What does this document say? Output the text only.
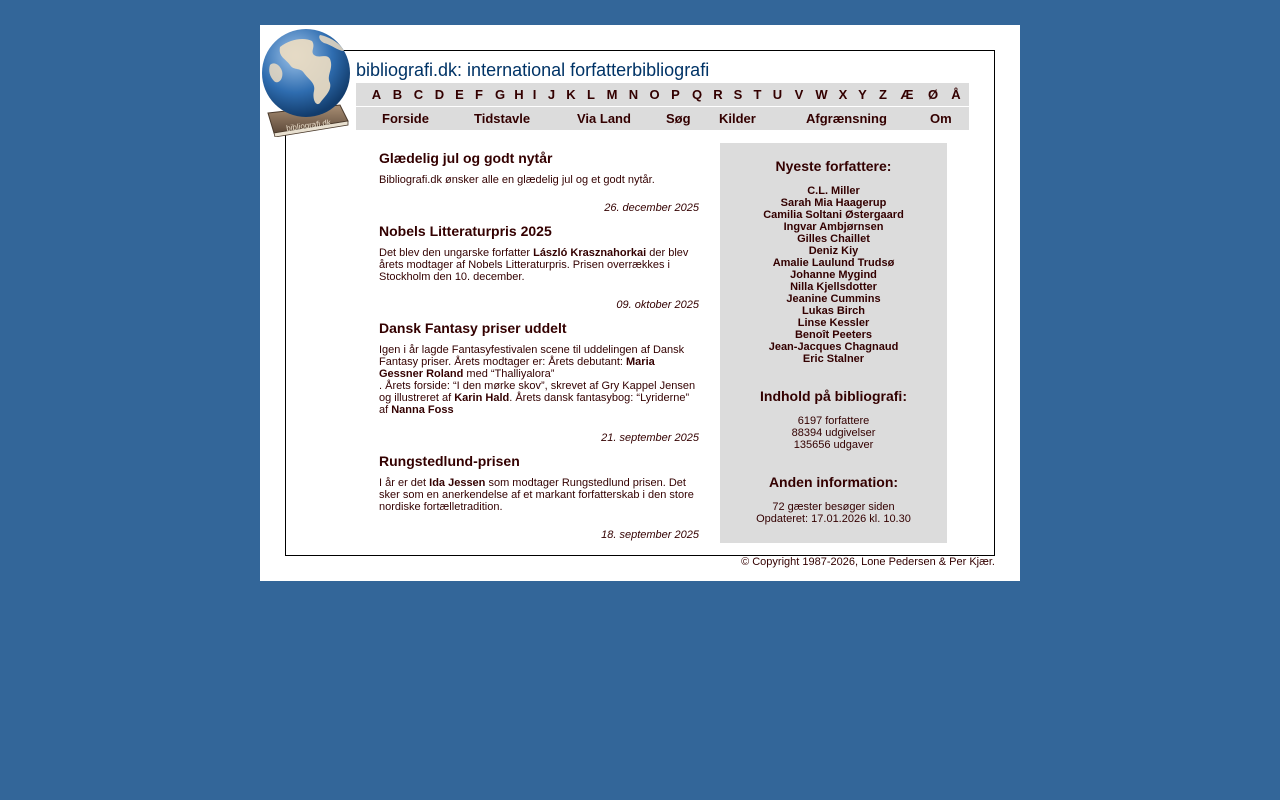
bibliografi.dk
bibliografi.dk: international forfatterbibliografi
A B C D E F G H I J K L M N O P Q R S T U V W X Y Z	Æ	Ø	Å
Forside	Tidstavle	Via Land	Søg Kilder	Afgrænsning	Om
Glædelig jul og godt nytår
Bibliografi.dk ønsker alle en glædelig jul og et godt nytår.
26. december 2025
Nobels Litteraturpris 2025
Det blev den ungarske forfatter László Krasznahorkai der blev årets modtager af Nobels Litteraturpris. Prisen overrækkes i Stockholm den 10. december.
09. oktober 2025
Dansk Fantasy priser uddelt
Igen i år lagde Fantasyfestivalen scene til uddelingen af Dansk Fantasy priser. Årets modtager er: Årets debutant: Maria Gessner Roland med “Thalliyalora”
. Årets forside: “I den mørke skov”, skrevet af Gry Kappel Jensen og illustreret af Karin Hald. Årets dansk fantasybog: “Lyriderne” af Nanna Foss
21. september 2025
Rungstedlund-prisen
I år er det Ida Jessen som modtager Rungstedlund prisen. Det sker som en anerkendelse af et markant forfatterskab i den store nordiske fortælletradition.
18. september 2025
Nyeste forfattere:
C.L. Miller
Sarah Mia Haagerup
Camilia Soltani Østergaard
Ingvar Ambjørnsen
Gilles Chaillet
Deniz Kiy
Amalie Laulund Trudsø
Johanne Mygind
Nilla Kjellsdotter
Jeanine Cummins
Lukas Birch
Linse Kessler
Benoît Peeters
Jean-Jacques Chagnaud
Eric Stalner
Indhold på bibliografi:
6197 forfattere
88394 udgivelser
135656 udgaver
Anden information:
72 gæster besøger siden
Opdateret: 17.01.2026 kl. 10.30
© Copyright 1987-2026, Lone Pedersen & Per Kjær.
